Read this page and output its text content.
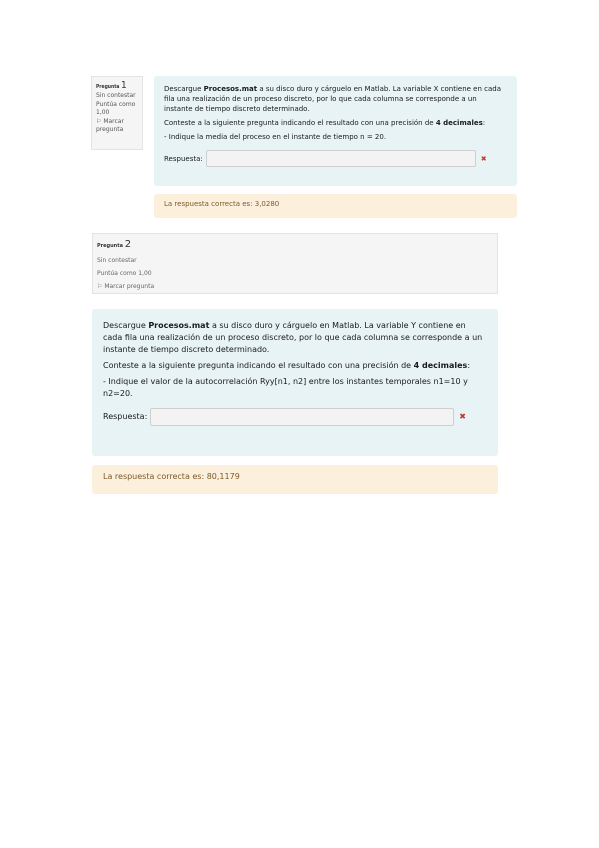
Pregunta 1
Sin contestar
Puntúa como 1,00
⚐ Marcar pregunta

Descargue Procesos.mat a su disco duro y cárguelo en Matlab. La variable X contiene en cada fila una realización de un proceso discreto, por lo que cada columna se corresponde a un instante de tiempo discreto determinado.

Conteste a la siguiente pregunta indicando el resultado con una precisión de 4 decimales:

- Indique la media del proceso en el instante de tiempo n = 20.

Respuesta:	✖
La respuesta correcta es: 3,0280
Pregunta 2
Sin contestar
Puntúa como 1,00
⚐ Marcar pregunta

Descargue Procesos.mat a su disco duro y cárguelo en Matlab. La variable Y contiene en cada fila una realización de un proceso discreto, por lo que cada columna se corresponde a un instante de tiempo discreto determinado.

Conteste a la siguiente pregunta indicando el resultado con una precisión de 4 decimales:

- Indique el valor de la autocorrelación Ryy[n1, n2] entre los instantes temporales n1=10 y n2=20.

Respuesta:	✖
La respuesta correcta es: 80,1179
